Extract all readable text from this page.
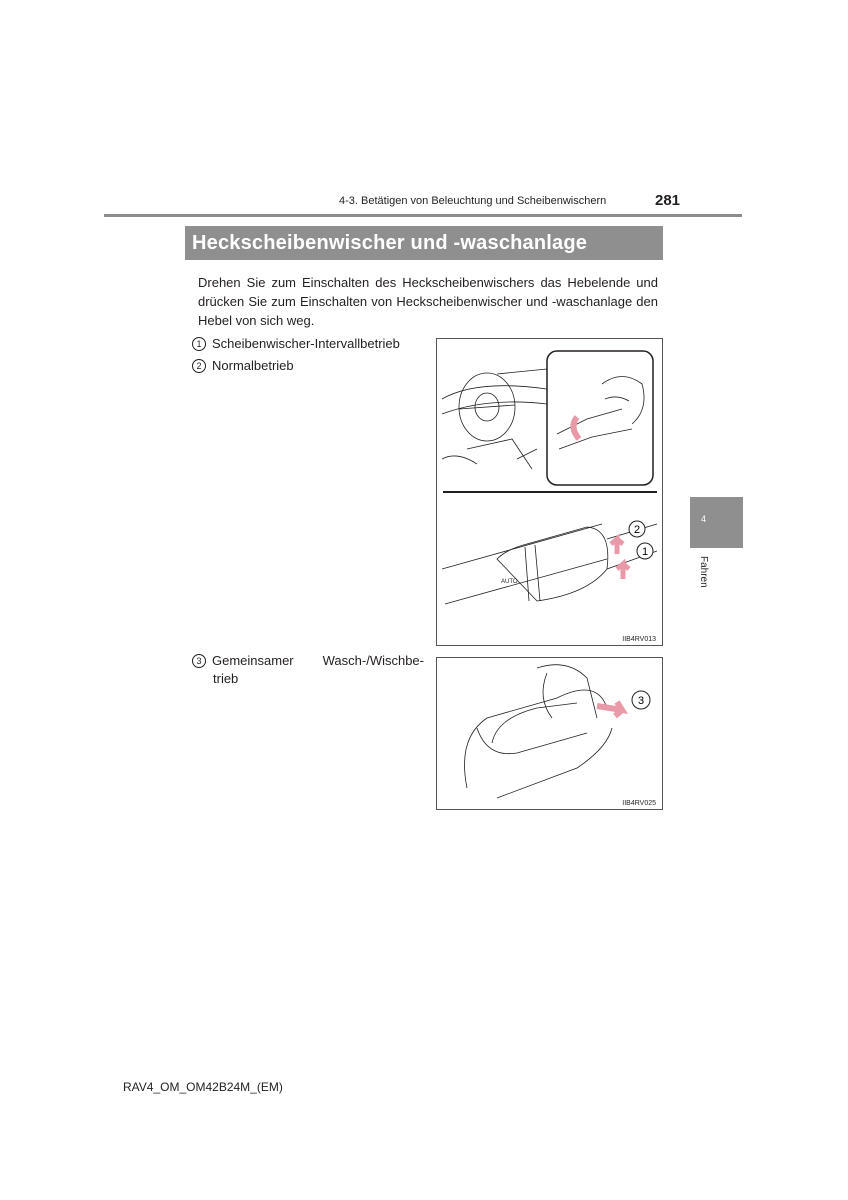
4-3. Betätigen von Beleuchtung und Scheibenwischern	281
Heckscheibenwischer und -waschanlage
Drehen Sie zum Einschalten des Heckscheibenwischers das Hebelende und drücken Sie zum Einschalten von Heckscheibenwischer und -waschanlage den Hebel von sich weg.
1 Scheibenwischer-Intervallbetrieb
2 Normalbetrieb
3 Gemeinsamer Wasch-/Wischbe-
trieb
AUTO
2
1
IIB4RV013
3
IIB4RV025
4
Fahren
RAV4_OM_OM42B24M_(EM)
